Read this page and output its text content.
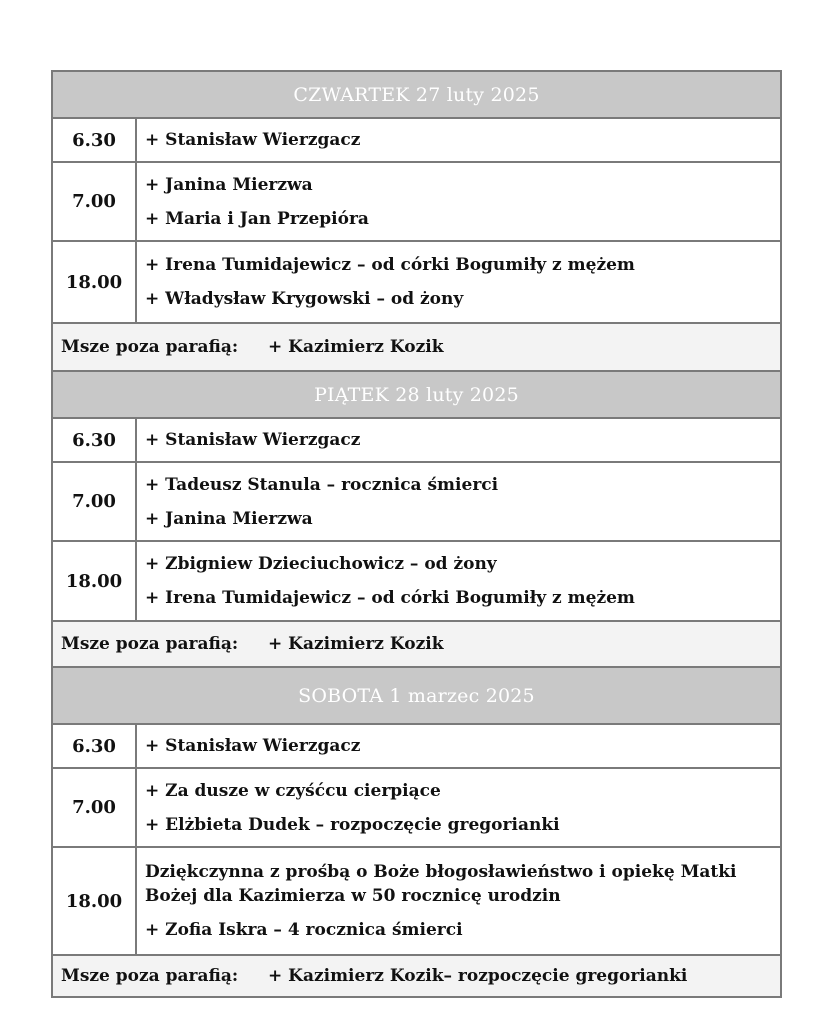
CZWARTEK 27 luty 2025	
6.30	+ Stanisław Wierzgacz

7.00	+ Janina Mierzwa
+ Maria i Jan Przepióra

18.00	+ Irena Tumidajewicz – od córki Bogumiły z mężem
+ Władysław Krygowski – od żony

Msze poza parafią: + Kazimierz Kozik	
PIĄTEK 28 luty 2025	
6.30	+ Stanisław Wierzgacz

7.00	+ Tadeusz Stanula – rocznica śmierci
+ Janina Mierzwa

18.00	+ Zbigniew Dzieciuchowicz – od żony
+ Irena Tumidajewicz – od córki Bogumiły z mężem

Msze poza parafią: + Kazimierz Kozik	
SOBOTA 1 marzec 2025	
6.30	+ Stanisław Wierzgacz

7.00	+ Za dusze w czyśćcu cierpiące
+ Elżbieta Dudek – rozpoczęcie gregorianki

18.00	Dziękczynna z prośbą o Boże błogosławieństwo i opiekę Matki Bożej dla Kazimierza w 50 rocznicę urodzin
+ Zofia Iskra – 4 rocznica śmierci

Msze poza parafią: + Kazimierz Kozik– rozpoczęcie gregorianki	
